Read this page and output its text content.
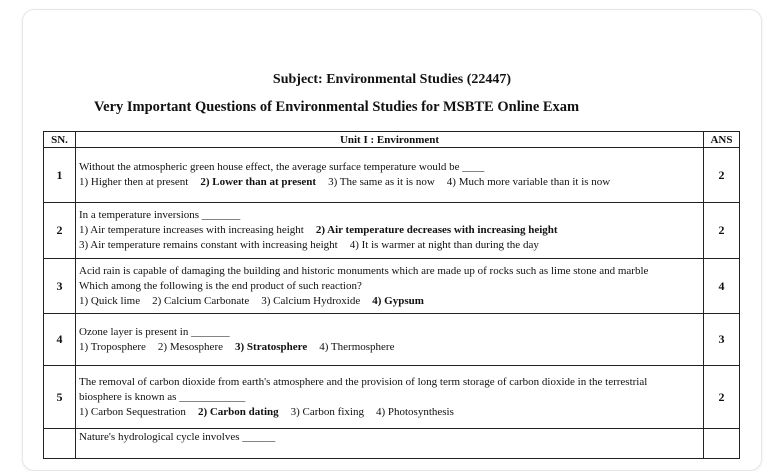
Subject: Environmental Studies (22447)
Very Important Questions of Environmental Studies for MSBTE Online Exam
SN.	Unit I : Environment	ANS
1	Without the atmospheric green house effect, the average surface temperature would be ____
1) Higher then at present 2) Lower than at present 3) The same as it is now 4) Much more variable than it is now	2
2	In a temperature inversions _______
1) Air temperature increases with increasing height 2) Air temperature decreases with increasing height
3) Air temperature remains constant with increasing height 4) It is warmer at night than during the day	2
3	Acid rain is capable of damaging the building and historic monuments which are made up of rocks such as lime stone and marble
Which among the following is the end product of such reaction?
1) Quick lime 2) Calcium Carbonate 3) Calcium Hydroxide 4) Gypsum	4
4	Ozone layer is present in _______
1) Troposphere 2) Mesosphere 3) Stratosphere 4) Thermosphere	3
5	The removal of carbon dioxide from earth's atmosphere and the provision of long term storage of carbon dioxide in the terrestrial
biosphere is known as ____________
1) Carbon Sequestration 2) Carbon dating 3) Carbon fixing 4) Photosynthesis	2

	Nature's hydrological cycle involves ______	
